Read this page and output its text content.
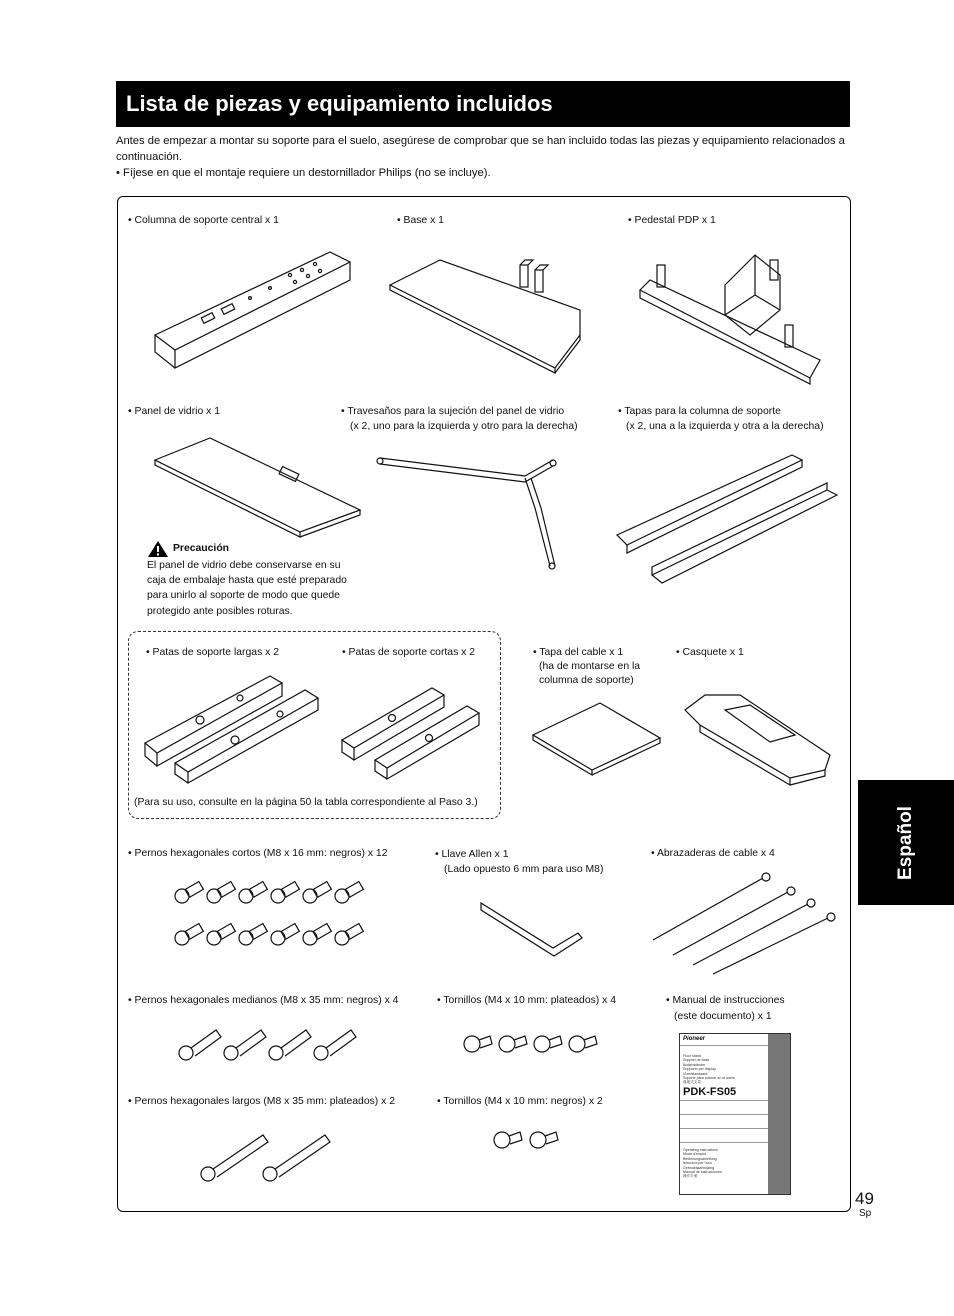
Lista de piezas y equipamiento incluidos

Antes de empezar a montar su soporte para el suelo, asegúrese de comprobar que se han incluido todas las piezas y equipamiento relacionados a continuación.

• Fíjese en que el montaje requiere un destornillador Philips (no se incluye).

• Columna de soporte central x 1	• Base x 1	• Pedestal PDP x 1
• Panel de vidrio x 1	• Travesaños para la sujeción del panel de vidrio
(x 2, uno para la izquierda y otro para la derecha)
• Tapas para la columna de soporte
(x 2, una a la izquierda y otra a la derecha)
Precaución
El panel de vidrio debe conservarse en su caja de embalaje hasta que esté preparado para unirlo al soporte de modo que quede protegido ante posibles roturas.
• Patas de soporte largas x 2	• Patas de soporte cortas x 2
(Para su uso, consulte en la página 50 la tabla correspondiente al Paso 3.)
• Tapa del cable x 1
(ha de montarse en la
columna de soporte)
• Casquete x 1
• Pernos hexagonales cortos (M8 x 16 mm: negros) x 12	• Llave Allen x 1
(Lado opuesto 6 mm para uso M8)
• Abrazaderas de cable x 4
• Pernos hexagonales medianos (M8 x 35 mm: negros) x 4	• Tornillos (M4 x 10 mm: plateados) x 4	• Manual de instrucciones
(este documento) x 1
• Pernos hexagonales largos (M8 x 35 mm: plateados) x 2	• Tornillos (M4 x 10 mm: negros) x 2
Pioneer
Floor stand
Support de base
Bodenständer
Supporto per display
Vloerstandaard
Soporte para colocar en el suelo
落地式支架
PDK-FS05
Operating instructions
Mode d'emploi
Bedienungsanleitung
Istruzioni per l'uso
Gebruiksaanwijzing
Manual de instrucciones
操作手冊
Español
49
Sp
